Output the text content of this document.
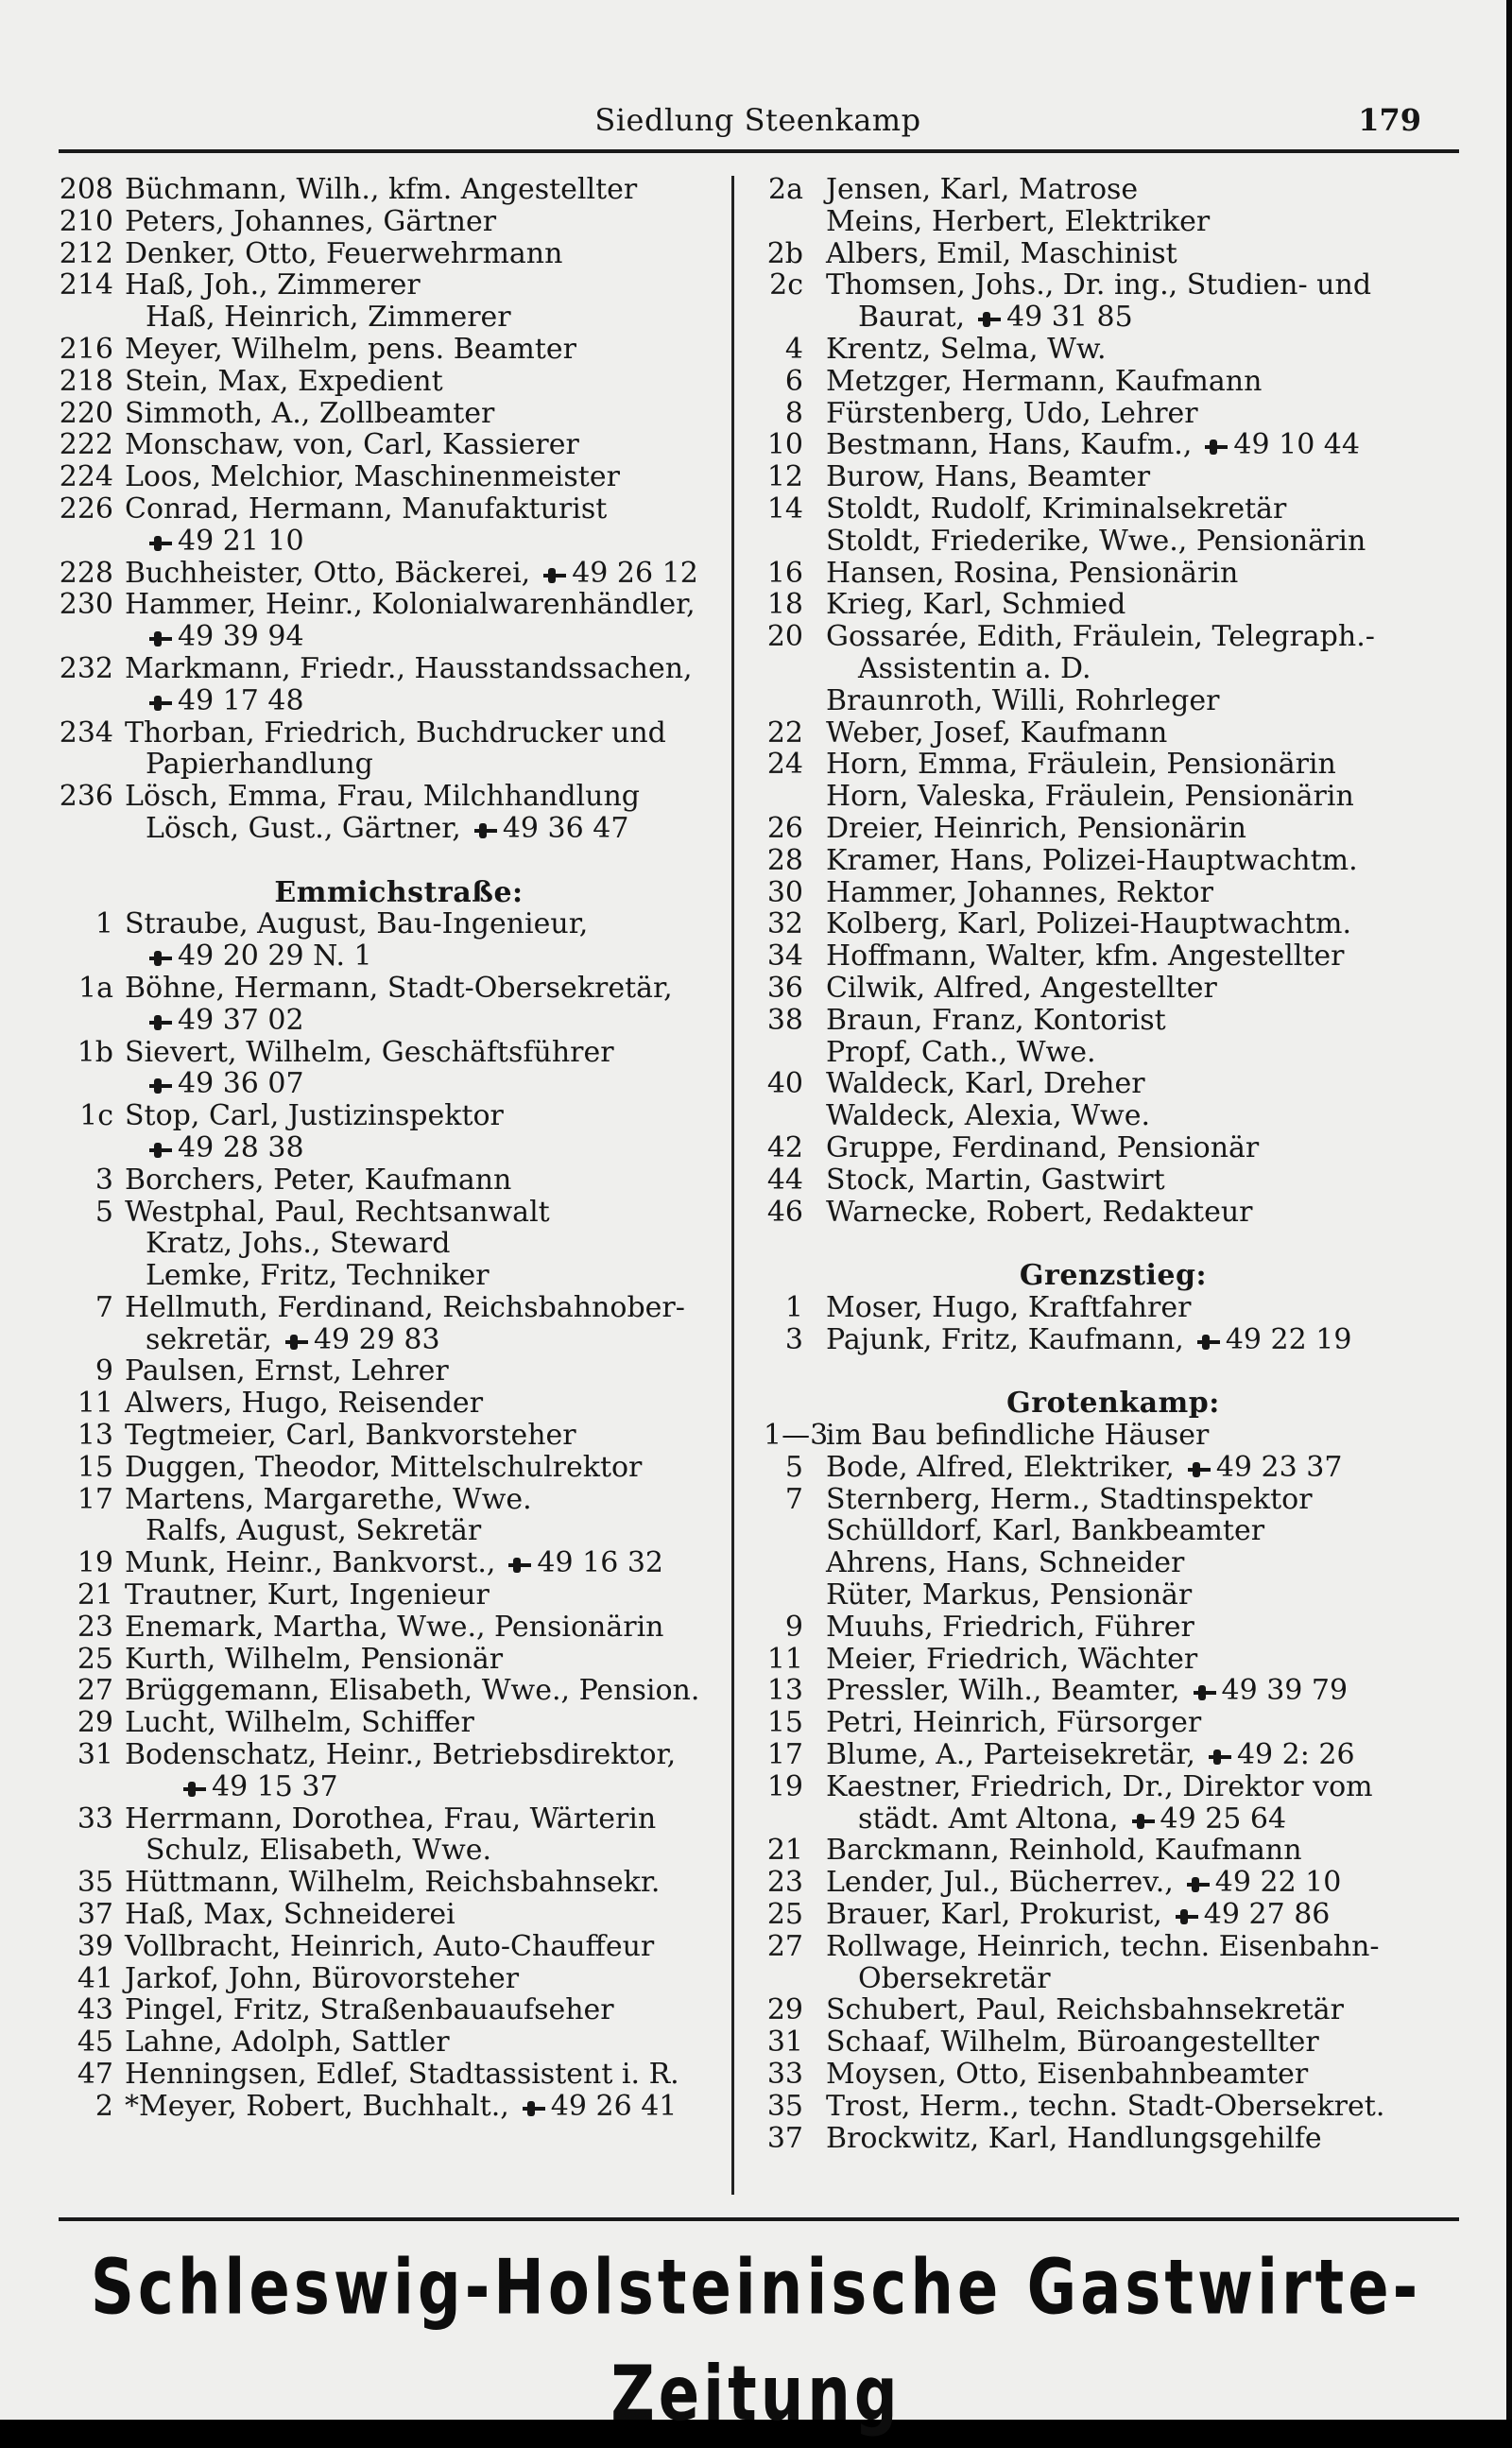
Siedlung Steenkamp	179
208 Büchmann, Wilh., kfm. Angestellter
210 Peters, Johannes, Gärtner
212 Denker, Otto, Feuerwehrmann
214 Haß, Joh., Zimmerer
Haß, Heinrich, Zimmerer
216 Meyer, Wilhelm, pens. Beamter
218 Stein, Max, Expedient
220 Simmoth, A., Zollbeamter
222 Monschaw, von, Carl, Kassierer
224 Loos, Melchior, Maschinenmeister
226 Conrad, Hermann, Manufakturist
49 21 10
228 Buchheister, Otto, Bäckerei, 49 26 12
230 Hammer, Heinr., Kolonialwarenhändler,
49 39 94
232 Markmann, Friedr., Hausstandssachen,
49 17 48
234 Thorban, Friedrich, Buchdrucker und
Papierhandlung
236 Lösch, Emma, Frau, Milchhandlung
Lösch, Gust., Gärtner, 49 36 47
Emmichstraße:
1 Straube, August, Bau-Ingenieur,
49 20 29 N. 1
1a Böhne, Hermann, Stadt-Obersekretär,
49 37 02
1b Sievert, Wilhelm, Geschäftsführer
49 36 07
1c Stop, Carl, Justizinspektor
49 28 38
3 Borchers, Peter, Kaufmann
5 Westphal, Paul, Rechtsanwalt
Kratz, Johs., Steward
Lemke, Fritz, Techniker
7 Hellmuth, Ferdinand, Reichsbahnober-
sekretär, 49 29 83
9 Paulsen, Ernst, Lehrer
11 Alwers, Hugo, Reisender
13 Tegtmeier, Carl, Bankvorsteher
15 Duggen, Theodor, Mittelschulrektor
17 Martens, Margarethe, Wwe.
Ralfs, August, Sekretär
19 Munk, Heinr., Bankvorst., 49 16 32
21 Trautner, Kurt, Ingenieur
23 Enemark, Martha, Wwe., Pensionärin
25 Kurth, Wilhelm, Pensionär
27 Brüggemann, Elisabeth, Wwe., Pension.
29 Lucht, Wilhelm, Schiffer
31 Bodenschatz, Heinr., Betriebsdirektor,
49 15 37
33 Herrmann, Dorothea, Frau, Wärterin
Schulz, Elisabeth, Wwe.
35 Hüttmann, Wilhelm, Reichsbahnsekr.
37 Haß, Max, Schneiderei
39 Vollbracht, Heinrich, Auto-Chauffeur
41 Jarkof, John, Bürovorsteher
43 Pingel, Fritz, Straßenbauaufseher
45 Lahne, Adolph, Sattler
47 Henningsen, Edlef, Stadtassistent i. R.
2 *Meyer, Robert, Buchhalt., 49 26 41
2a Jensen, Karl, Matrose
Meins, Herbert, Elektriker
2b Albers, Emil, Maschinist
2c Thomsen, Johs., Dr. ing., Studien- und
Baurat, 49 31 85
4 Krentz, Selma, Ww.
6 Metzger, Hermann, Kaufmann
8 Fürstenberg, Udo, Lehrer
10 Bestmann, Hans, Kaufm., 49 10 44
12 Burow, Hans, Beamter
14 Stoldt, Rudolf, Kriminalsekretär
Stoldt, Friederike, Wwe., Pensionärin
16 Hansen, Rosina, Pensionärin
18 Krieg, Karl, Schmied
20 Gossarée, Edith, Fräulein, Telegraph.-
Assistentin a. D.
Braunroth, Willi, Rohrleger
22 Weber, Josef, Kaufmann
24 Horn, Emma, Fräulein, Pensionärin
Horn, Valeska, Fräulein, Pensionärin
26 Dreier, Heinrich, Pensionärin
28 Kramer, Hans, Polizei-Hauptwachtm.
30 Hammer, Johannes, Rektor
32 Kolberg, Karl, Polizei-Hauptwachtm.
34 Hoffmann, Walter, kfm. Angestellter
36 Cilwik, Alfred, Angestellter
38 Braun, Franz, Kontorist
Propf, Cath., Wwe.
40 Waldeck, Karl, Dreher
Waldeck, Alexia, Wwe.
42 Gruppe, Ferdinand, Pensionär
44 Stock, Martin, Gastwirt
46 Warnecke, Robert, Redakteur
Grenzstieg:
1 Moser, Hugo, Kraftfahrer
3 Pajunk, Fritz, Kaufmann, 49 22 19
Grotenkamp:
1—3
im Bau befindliche Häuser
5 Bode, Alfred, Elektriker, 49 23 37
7 Sternberg, Herm., Stadtinspektor
Schülldorf, Karl, Bankbeamter
Ahrens, Hans, Schneider
Rüter, Markus, Pensionär
9 Muuhs, Friedrich, Führer
11 Meier, Friedrich, Wächter
13 Pressler, Wilh., Beamter, 49 39 79
15 Petri, Heinrich, Fürsorger
17 Blume, A., Parteisekretär, 49 2: 26
19 Kaestner, Friedrich, Dr., Direktor vom
städt. Amt Altona, 49 25 64
21 Barckmann, Reinhold, Kaufmann
23 Lender, Jul., Bücherrev., 49 22 10
25 Brauer, Karl, Prokurist, 49 27 86
27 Rollwage, Heinrich, techn. Eisenbahn-
Obersekretär
29 Schubert, Paul, Reichsbahnsekretär
31 Schaaf, Wilhelm, Büroangestellter
33 Moysen, Otto, Eisenbahnbeamter
35 Trost, Herm., techn. Stadt-Obersekret.
37 Brockwitz, Karl, Handlungsgehilfe
Schleswig-Holsteinische Gastwirte-Zeitung
